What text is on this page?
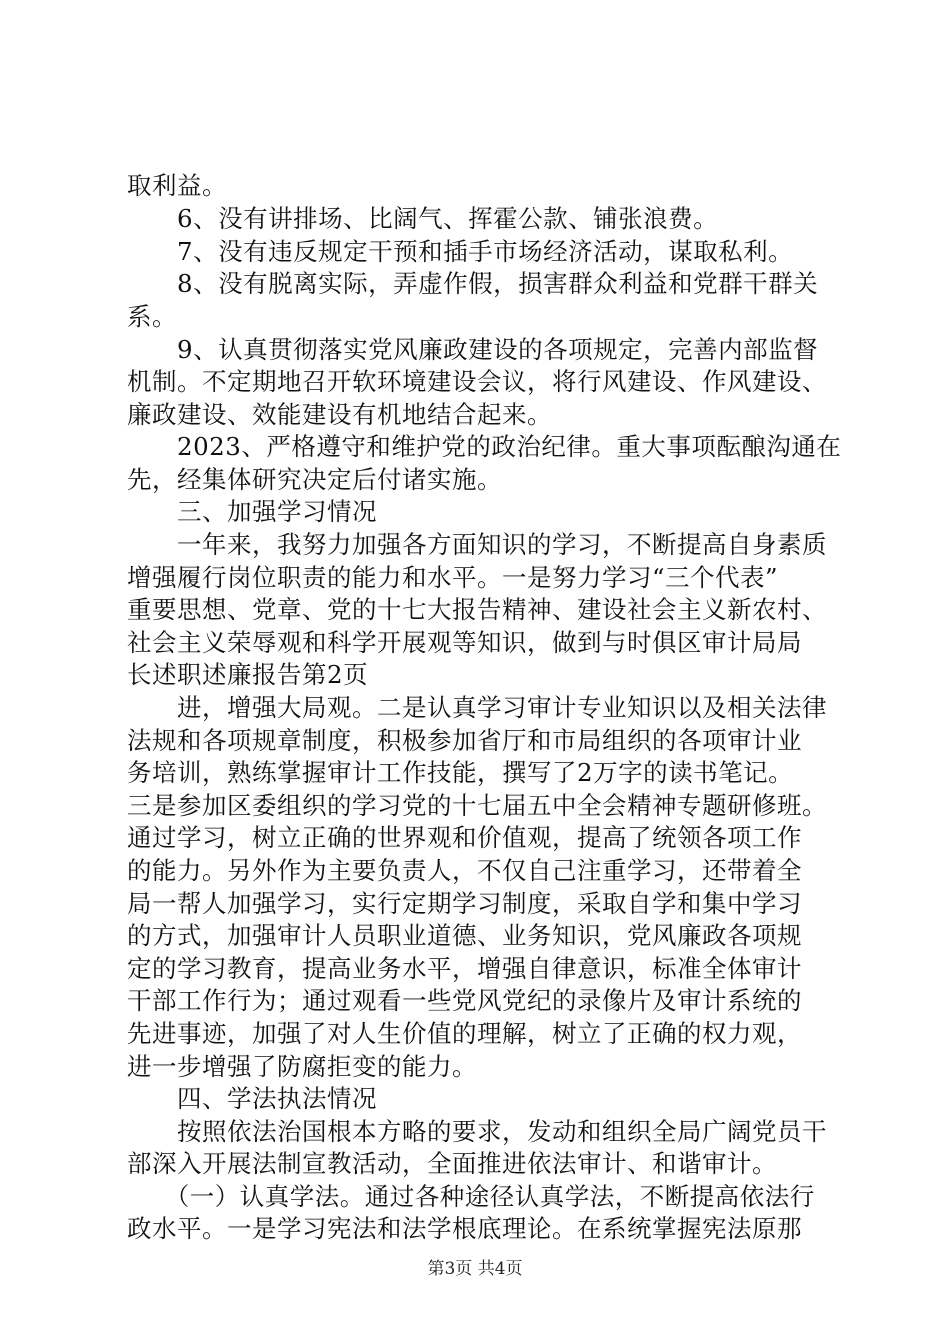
取利益。
　　6、没有讲排场、比阔气、挥霍公款、铺张浪费。
　　7、没有违反规定干预和插手市场经济活动，谋取私利。
　　8、没有脱离实际，弄虚作假，损害群众利益和党群干群关
系。
　　9、认真贯彻落实党风廉政建设的各项规定，完善内部监督
机制。不定期地召开软环境建设会议，将行风建设、作风建设、
廉政建设、效能建设有机地结合起来。
　　2023、严格遵守和维护党的政治纪律。重大事项酝酿沟通在
先，经集体研究决定后付诸实施。
　　三、加强学习情况
　　一年来，我努力加强各方面知识的学习，不断提高自身素质
增强履行岗位职责的能力和水平。一是努力学习“三个代表”
重要思想、党章、党的十七大报告精神、建设社会主义新农村、
社会主义荣辱观和科学开展观等知识，做到与时俱区审计局局
长述职述廉报告第2页
　　进，增强大局观。二是认真学习审计专业知识以及相关法律
法规和各项规章制度，积极参加省厅和市局组织的各项审计业
务培训，熟练掌握审计工作技能，撰写了2万字的读书笔记。
三是参加区委组织的学习党的十七届五中全会精神专题研修班。
通过学习，树立正确的世界观和价值观，提高了统领各项工作
的能力。另外作为主要负责人，不仅自己注重学习，还带着全
局一帮人加强学习，实行定期学习制度，采取自学和集中学习
的方式，加强审计人员职业道德、业务知识，党风廉政各项规
定的学习教育，提高业务水平，增强自律意识，标准全体审计
干部工作行为；通过观看一些党风党纪的录像片及审计系统的
先进事迹，加强了对人生价值的理解，树立了正确的权力观，
进一步增强了防腐拒变的能力。
　　四、学法执法情况
　　按照依法治国根本方略的要求，发动和组织全局广阔党员干
部深入开展法制宣教活动，全面推进依法审计、和谐审计。
　　（一）认真学法。通过各种途径认真学法，不断提高依法行
政水平。一是学习宪法和法学根底理论。在系统掌握宪法原那
第3页 共4页
